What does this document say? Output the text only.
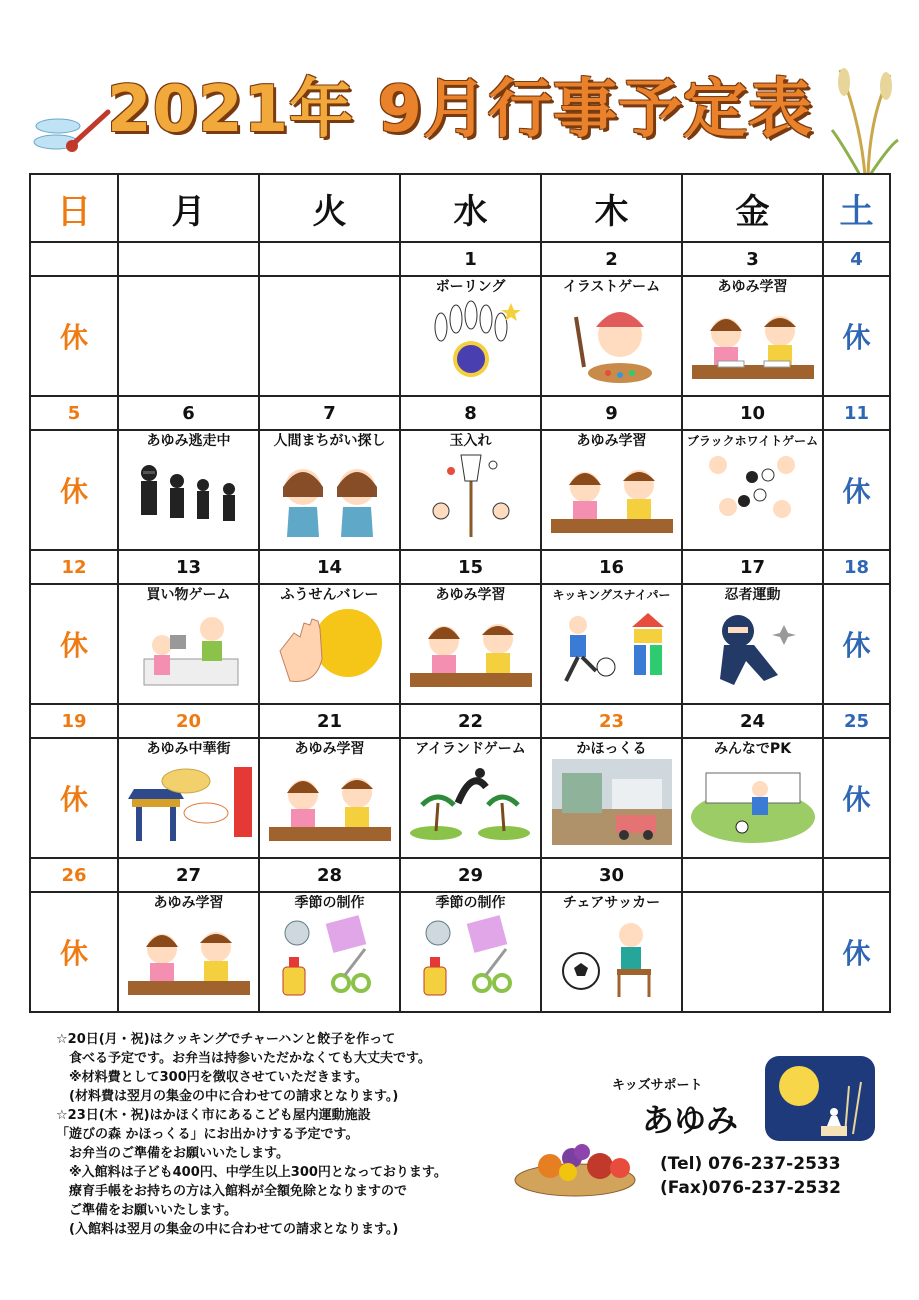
2021年 9月行事予定表
日	月	火	水	木	金	土
			1	2	3	4
休			ボーリング	イラストゲーム	あゆみ学習	休
5	6	7	8	9	10	11
休	あゆみ逃走中	人間まちがい探し	玉入れ	あゆみ学習	ブラックホワイトゲーム	休
12	13	14	15	16	17	18
休	買い物ゲーム	ふうせんバレー	あゆみ学習	キッキングスナイパー	忍者運動	休
19	20	21	22	23	24	25
休	あゆみ中華街	あゆみ学習	アイランドゲーム	かほっくる	みんなでPK	休
26	27	28	29	30		
休	あゆみ学習	季節の制作	季節の制作	チェアサッカー		休
☆20日(月・祝)はクッキングでチャーハンと餃子を作って
　食べる予定です。お弁当は持参いただかなくても大丈夫です。
　※材料費として300円を徴収させていただきます。
　(材料費は翌月の集金の中に合わせての請求となります。)
☆23日(木・祝)はかほく市にあるこども屋内運動施設
「遊びの森 かほっくる」にお出かけする予定です。
　お弁当のご準備をお願いいたします。
　※入館料は子ども400円、中学生以上300円となっております。
　療育手帳をお持ちの方は入館料が全額免除となりますので
　ご準備をお願いいたします。
　(入館料は翌月の集金の中に合わせての請求となります。)
キッズサポート
あゆみ
(Tel) 076-237-2533
(Fax)076-237-2532
